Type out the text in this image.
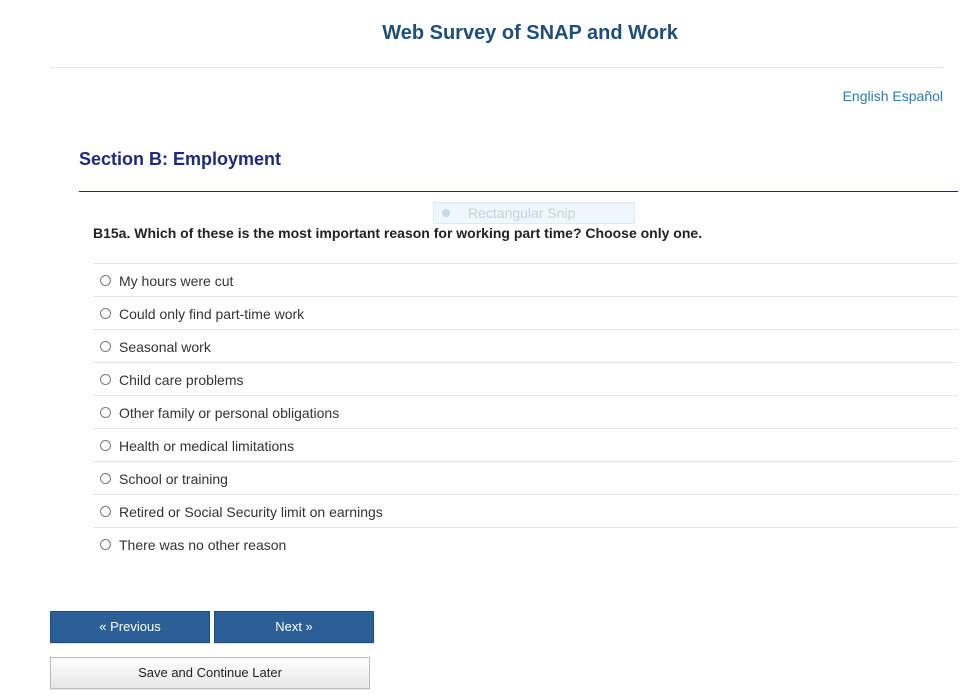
Web Survey of SNAP and Work
English Español
Section B: Employment
Rectangular Snip
B15a. Which of these is the most important reason for working part time? Choose only one.
My hours were cut
Could only find part-time work
Seasonal work
Child care problems
Other family or personal obligations
Health or medical limitations
School or training
Retired or Social Security limit on earnings
There was no other reason
« Previous	Next »
Save and Continue Later
